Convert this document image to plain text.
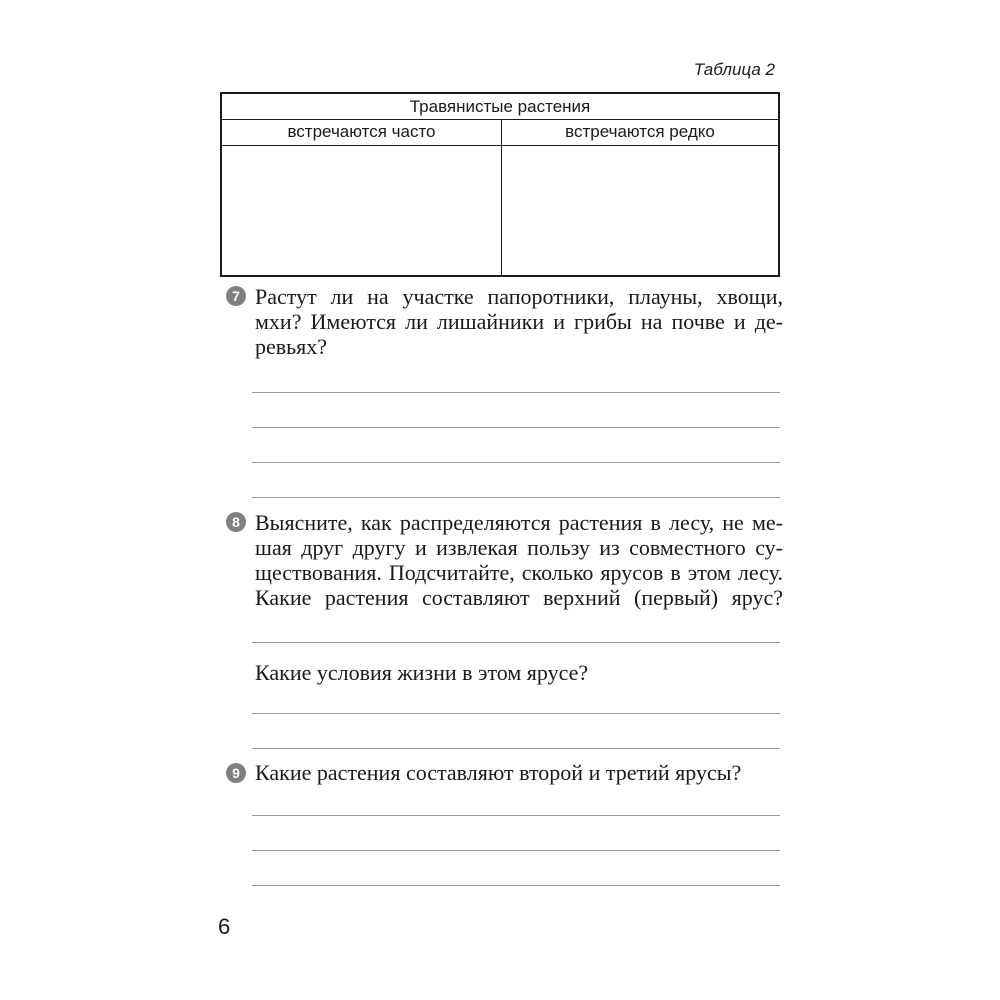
Таблица 2
Травянистые растения
встречаются часто	встречаются редко
7 Растут ли на участке папоротники, плауны, хвощи,
мхи? Имеются ли лишайники и грибы на почве и де-
ревьях?
8 Выясните, как распределяются растения в лесу, не ме-
шая друг другу и извлекая пользу из совместного су-
ществования. Подсчитайте, сколько ярусов в этом лесу.
Какие растения составляют верхний (первый) ярус?
Какие условия жизни в этом ярусе?
9 Какие растения составляют второй и третий ярусы?
6
